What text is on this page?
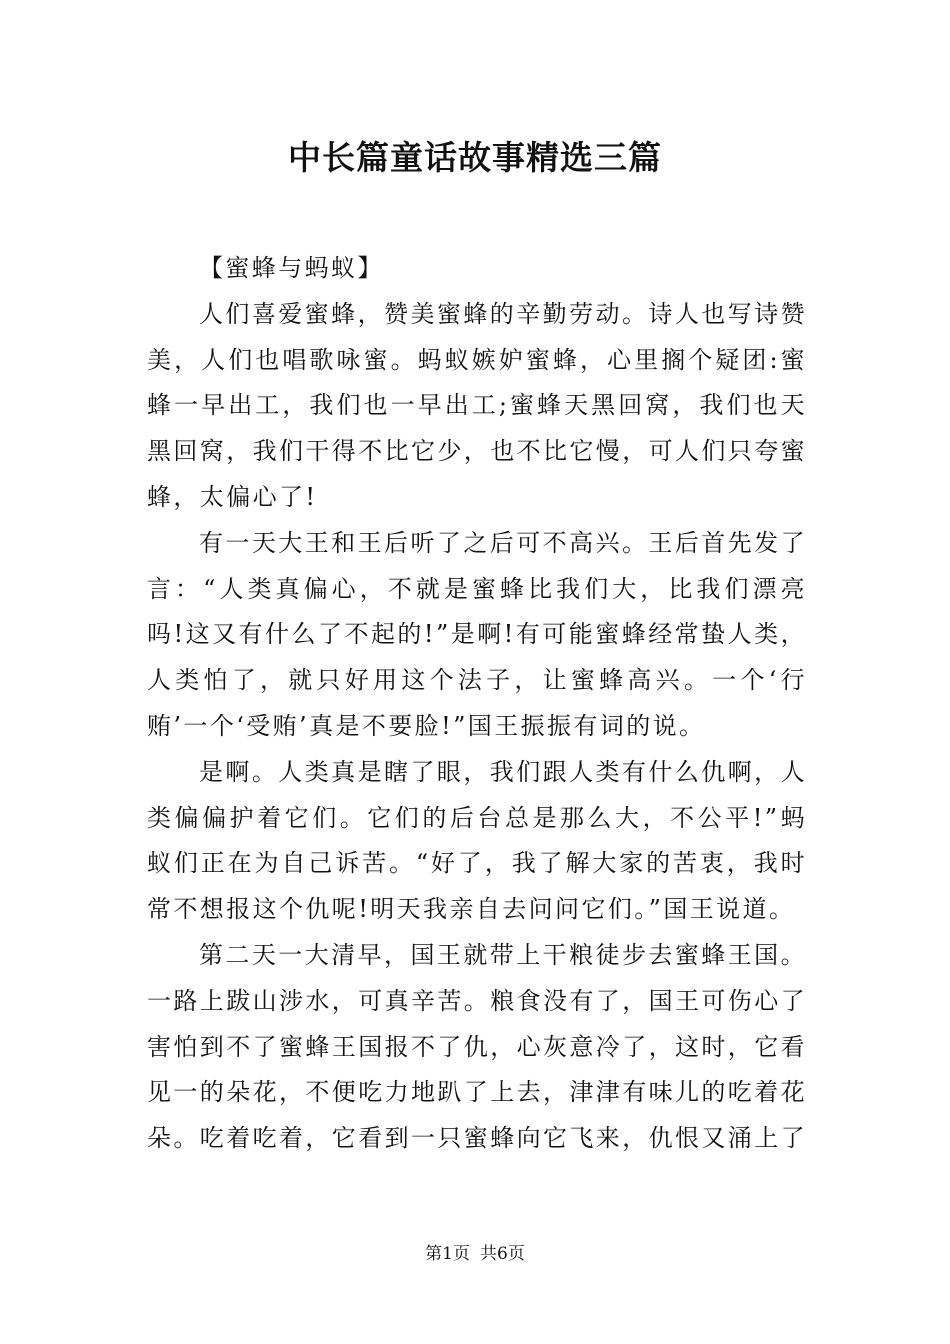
中长篇童话故事精选三篇

【蜜蜂与蚂蚁】

人们喜爱蜜蜂，赞美蜜蜂的辛勤劳动。诗人也写诗赞美，人们也唱歌咏蜜。蚂蚁嫉妒蜜蜂，心里搁个疑团:蜜蜂一早出工，我们也一早出工;蜜蜂天黑回窝，我们也天黑回窝，我们干得不比它少，也不比它慢，可人们只夸蜜蜂，太偏心了!

有一天大王和王后听了之后可不高兴。王后首先发了言：“人类真偏心，不就是蜜蜂比我们大，比我们漂亮吗!这又有什么了不起的!”是啊!有可能蜜蜂经常蛰人类，人类怕了，就只好用这个法子，让蜜蜂高兴。一个‘行贿’一个‘受贿’真是不要脸!”国王振振有词的说。

是啊。人类真是瞎了眼，我们跟人类有什么仇啊，人类偏偏护着它们。它们的后台总是那么大，不公平!”蚂蚁们正在为自己诉苦。“好了，我了解大家的苦衷，我时常不想报这个仇呢!明天我亲自去问问它们。”国王说道。

第二天一大清早，国王就带上干粮徒步去蜜蜂王国。一路上跋山涉水，可真辛苦。粮食没有了，国王可伤心了害怕到不了蜜蜂王国报不了仇，心灰意冷了，这时，它看见一的朵花，不便吃力地趴了上去，津津有味儿的吃着花朵。吃着吃着，它看到一只蜜蜂向它飞来，仇恨又涌上了

第1页 共6页
